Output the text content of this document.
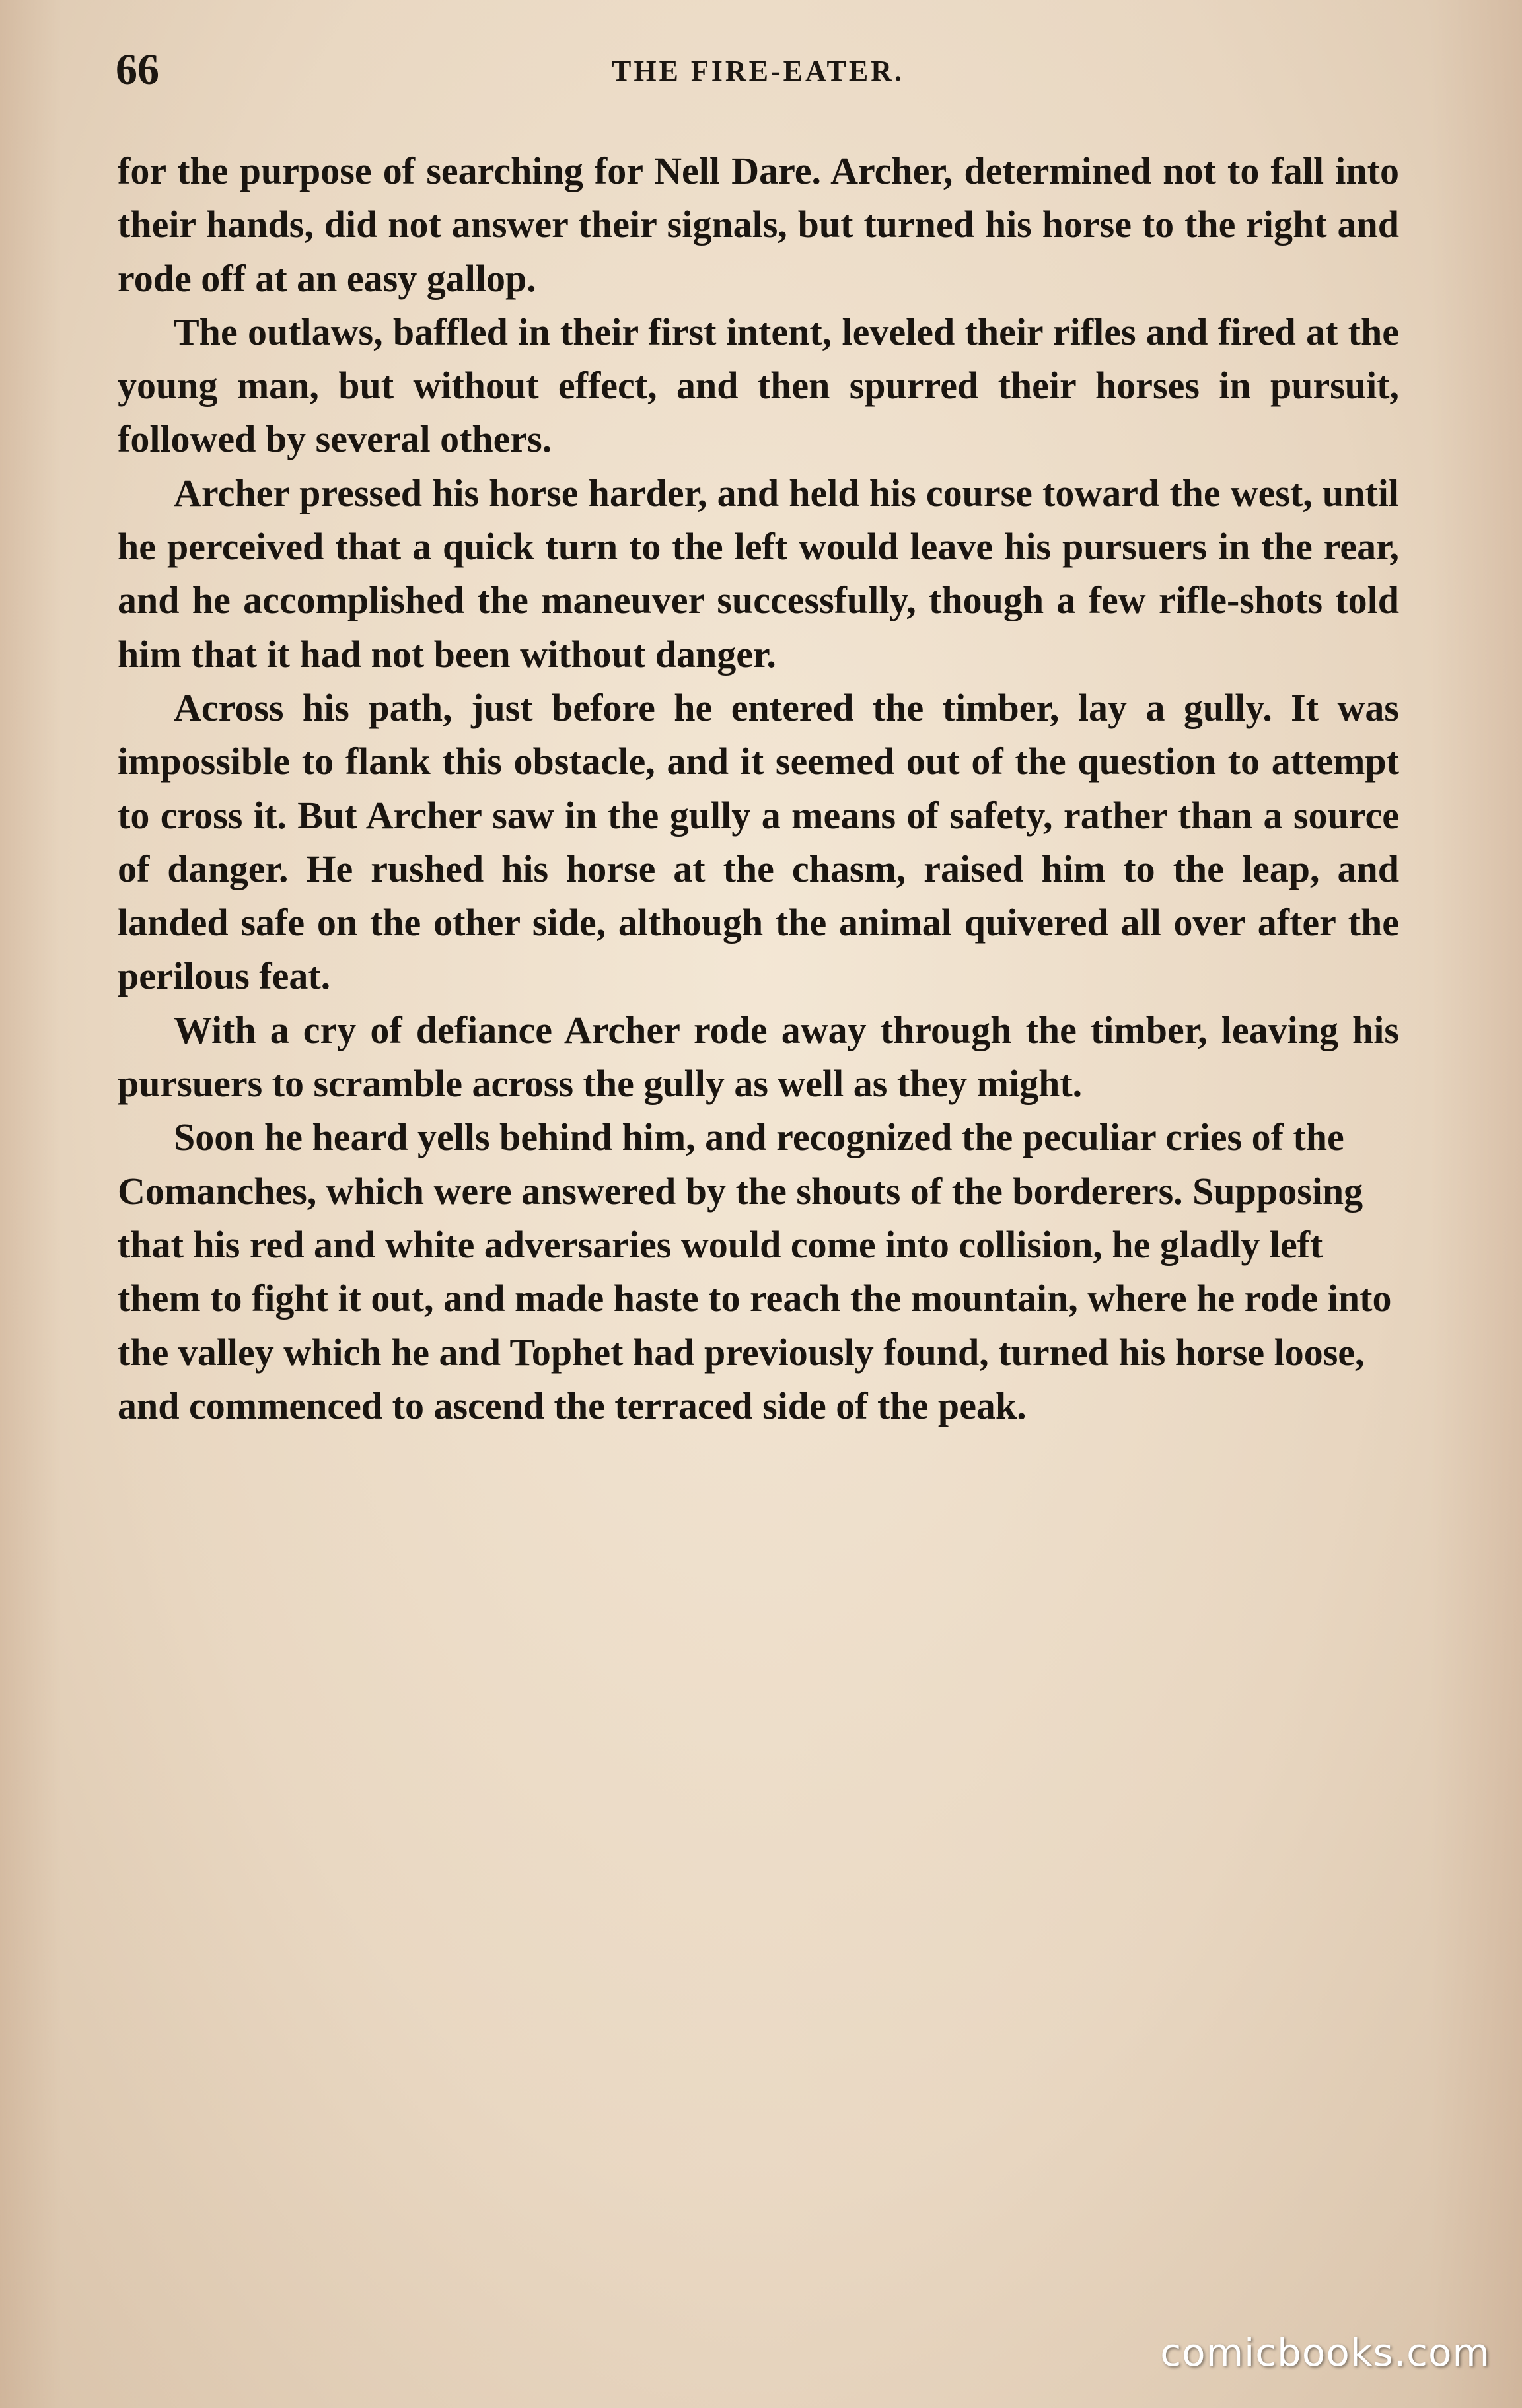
66	THE FIRE-EATER.

for the purpose of searching for Nell Dare. Archer, determined not to fall into their hands, did not answer their signals, but turned his horse to the right and rode off at an easy gallop.

The outlaws, baffled in their first intent, leveled their rifles and fired at the young man, but without effect, and then spurred their horses in pursuit, followed by several others.

Archer pressed his horse harder, and held his course toward the west, until he perceived that a quick turn to the left would leave his pursuers in the rear, and he accomplished the maneuver successfully, though a few rifle-shots told him that it had not been without danger.

Across his path, just before he entered the timber, lay a gully. It was impossible to flank this obstacle, and it seemed out of the question to attempt to cross it. But Archer saw in the gully a means of safety, rather than a source of danger. He rushed his horse at the chasm, raised him to the leap, and landed safe on the other side, although the animal quivered all over after the perilous feat.

With a cry of defiance Archer rode away through the timber, leaving his pursuers to scramble across the gully as well as they might.

Soon he heard yells behind him, and recognized the peculiar cries of the Comanches, which were answered by the shouts of the borderers. Supposing that his red and white adversaries would come into collision, he gladly left them to fight it out, and made haste to reach the mountain, where he rode into the valley which he and Tophet had previously found, turned his horse loose, and commenced to ascend the terraced side of the peak.

comicbooks.com
